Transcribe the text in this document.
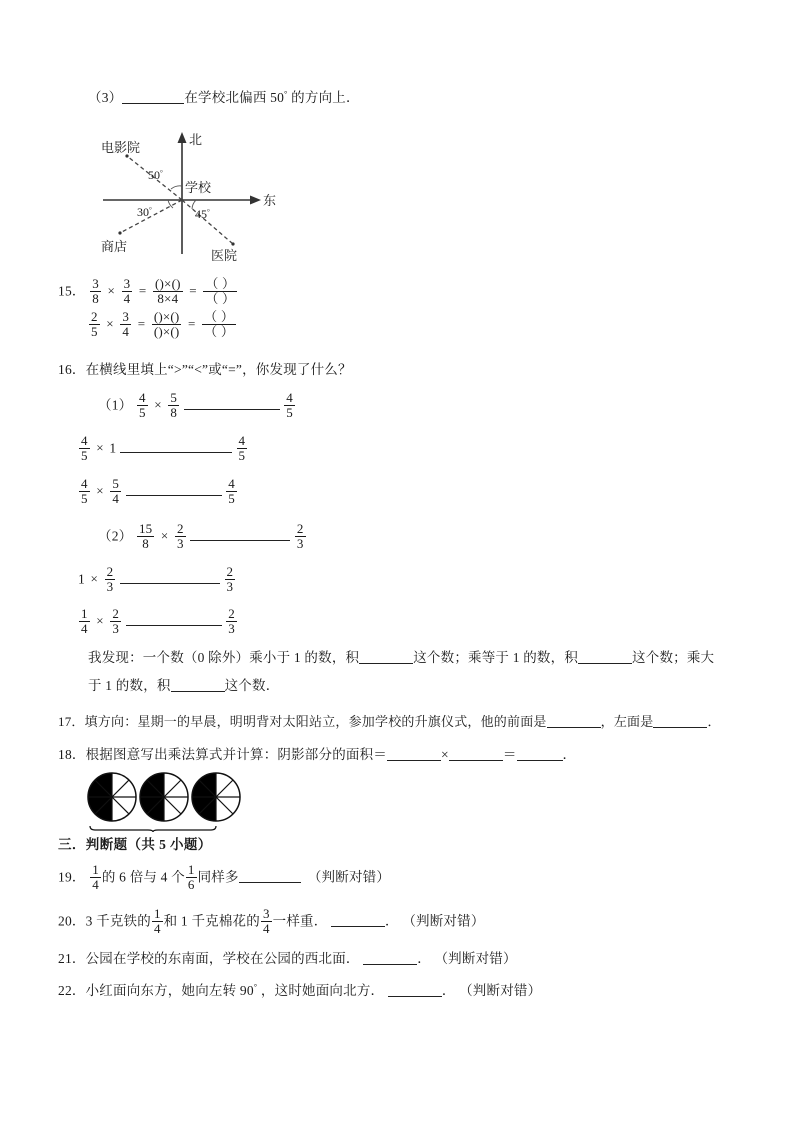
（3）	在学校北偏西 50° 的方向上．
北
东
学校
电影院
商店
医院
50°
30°	45°
15． $\frac{3}{8} \times \frac{3}{4} = \frac{()\times()}{8\times 4} = \frac{( )}{( )}$
$\frac{2}{5} \times \frac{3}{4} = \frac{()\times()}{()\times()} = \frac{( )}{( )}$
16．在横线里填上“>”“<”或“=”，你发现了什么？
$(1) \frac{4}{5} \times \frac{5}{8}$
	$\frac{4}{5}$
$\frac{4}{5} \times 1$	$\frac{4}{5}$
$\frac{4}{5} \times \frac{5}{4}$
	$\frac{4}{5}$
$(2) \frac{15}{8} \times \frac{2}{3}$
	$\frac{2}{3}$
$1 \times \frac{2}{3}$
	$\frac{2}{3}$
$\frac{1}{4} \times \frac{2}{3}$
	$\frac{2}{3}$
我发现：一个数（0 除外）乘小于 1 的数，积	这个数；乘等于 1 的数，积	这个数；乘大
于 1 的数，积	这个数．
17．填方向：星期一的早晨，明明背对太阳站立，参加学校的升旗仪式，他的前面是	，左面是	．
18．根据图意写出乘法算式并计算：阴影部分的面积＝	×	＝	．
三．判断题（共 5 小题）
19． $\frac{1}{4}$ 的 6 倍与 4 个 $\frac{1}{6}$ 同样多	（判断对错）
20．3 千克铁的 $\frac{1}{4}$ 和 1 千克棉花的 $\frac{3}{4}$ 一样重．	． （判断对错）
21．公园在学校的东南面，学校在公园的西北面．	． （判断对错）
22．小红面向东方，她向左转 90° ，这时她面向北方．	． （判断对错）
